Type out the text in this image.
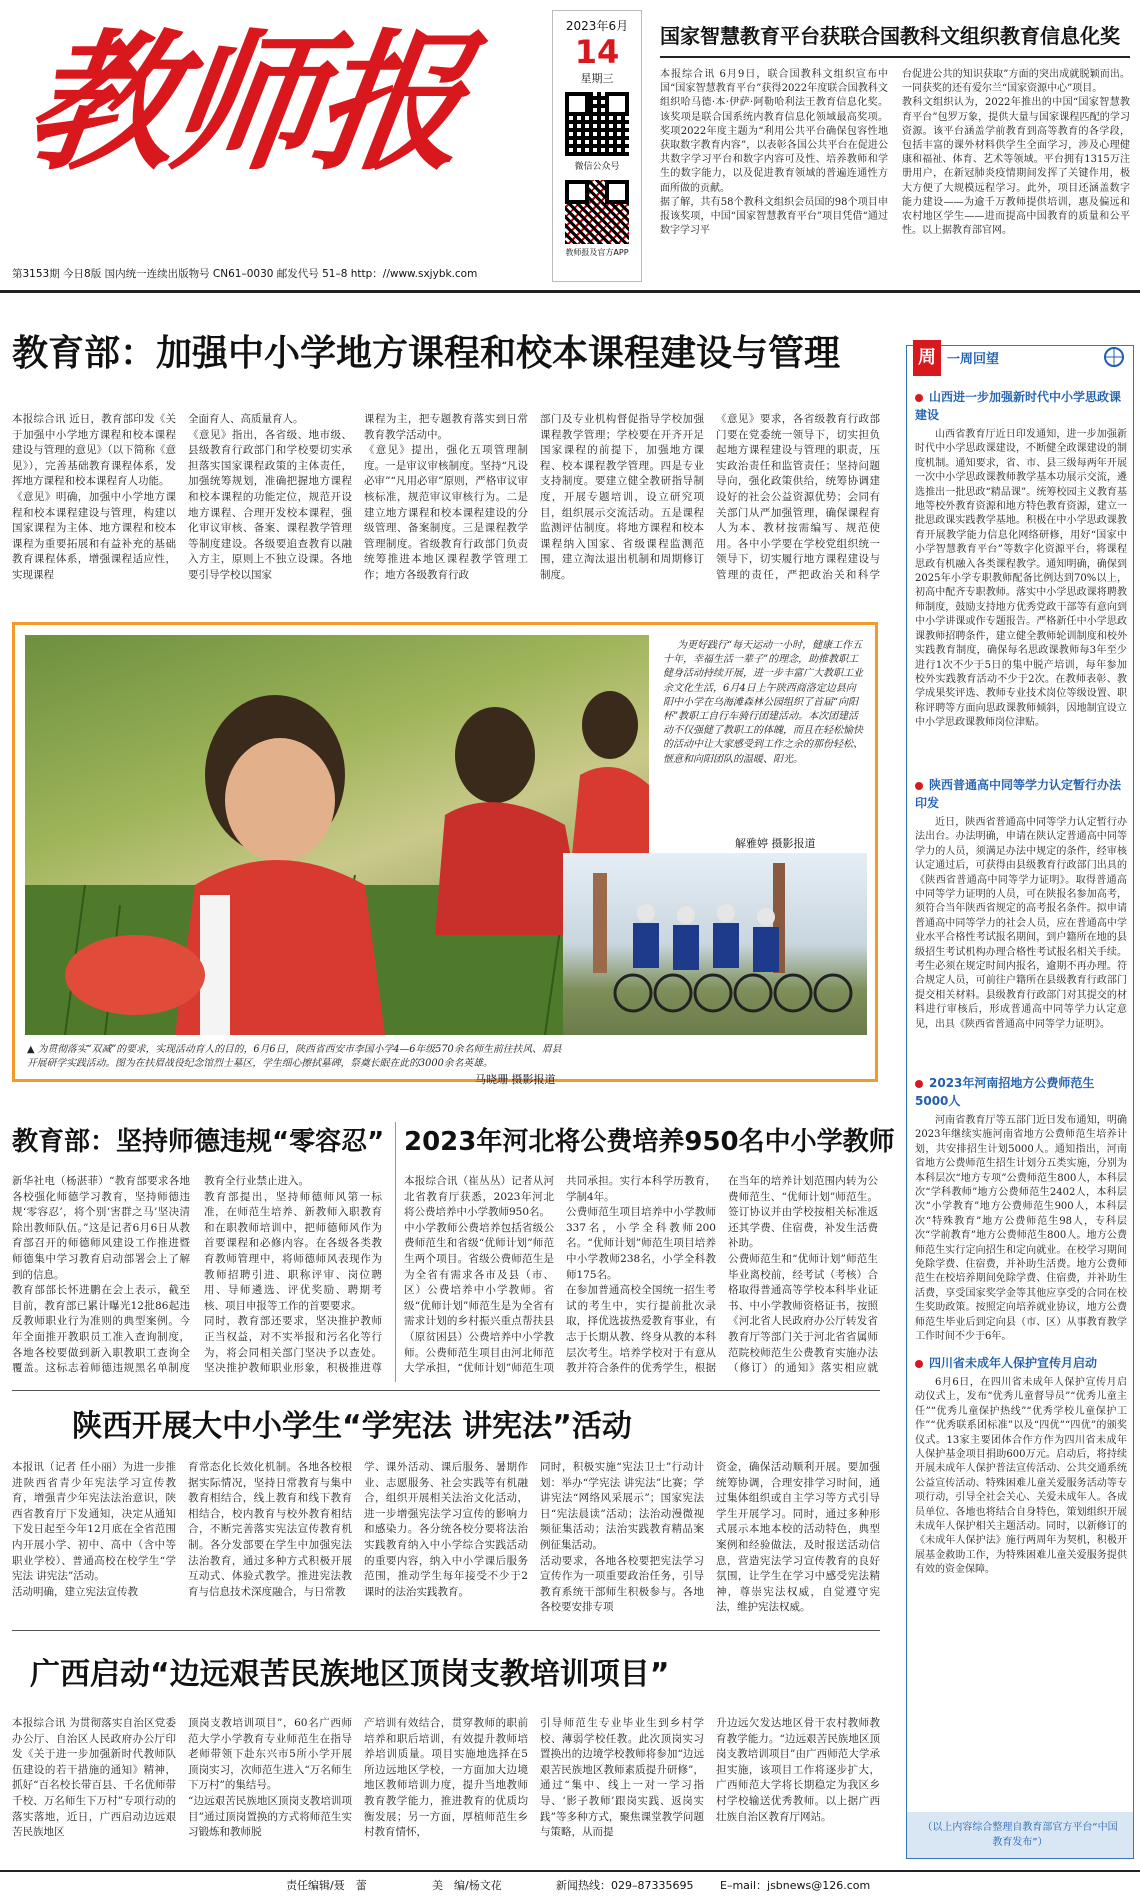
教师报	2023年6月
14
星期三
微信公众号
教师报及官方APP
第3153期 今日8版 国内统一连续出版物号 CN61–0030 邮发代号 51–8 http：//www.sxjybk.com
国家智慧教育平台获联合国教科文组织教育信息化奖
本报综合讯 6月9日，联合国教科文组织宣布中国“国家智慧教育平台”获得2022年度联合国教科文组织哈马德·本·伊萨·阿勒哈利法王教育信息化奖。该奖项是联合国系统内教育信息化领域最高奖项。奖项2022年度主题为“利用公共平台确保包容性地获取数字教育内容”，以表彰各国公共平台在促进公共数字学习平台和数字内容可及性、培养教师和学生的数字能力，以及促进教育领域的普遍连通性方面所做的贡献。
据了解，共有58个教科文组织会员国的98个项目申报该奖项，中国“国家智慧教育平台”项目凭借“通过数字学习平
台促进公共的知识获取”方面的突出成就脱颖而出。一同获奖的还有爱尔兰“国家资源中心”项目。
教科文组织认为，2022年推出的中国“国家智慧教育平台”包罗万象，提供大量与国家课程匹配的学习资源。该平台涵盖学前教育到高等教育的各学段，包括丰富的课外材料供学生全面学习，涉及心理健康和福祉、体育、艺术等领域。平台拥有1315万注册用户，在新冠肺炎疫情期间发挥了关键作用，极大方便了大规模远程学习。此外，项目还涵盖数字能力建设——为逾千万教师提供培训，惠及偏远和农村地区学生——进而提高中国教育的质量和公平性。以上据教育部官网。
教育部：加强中小学地方课程和校本课程建设与管理
本报综合讯 近日，教育部印发《关于加强中小学地方课程和校本课程建设与管理的意见》（以下简称《意见》），完善基础教育课程体系，发挥地方课程和校本课程育人功能。
《意见》明确，加强中小学地方课程和校本课程建设与管理，构建以国家课程为主体、地方课程和校本课程为重要拓展和有益补充的基础教育课程体系，增强课程适应性，实现课程
全面育人、高质量育人。
《意见》指出，各省级、地市级、县级教育行政部门和学校要切实承担落实国家课程政策的主体责任，加强统筹规划，准确把握地方课程和校本课程的功能定位，规范开设地方课程、合理开发校本课程，强化审议审核、备案、课程教学管理等制度建设。各级要追查教育以融入方主，原则上不独立设课。各地要引导学校以国家
课程为主，把专题教育落实到日常教育教学活动中。
《意见》提出，强化五项管理制度。一是审议审核制度。坚持“凡设必审”“凡用必审”原则，严格审议审核标准，规范审议审核行为。二是建立地方课程和校本课程建设的分级管理、备案制度。三是课程教学管理制度。省级教育行政部门负责统筹推进本地区课程教学管理工作；地方各级教育行政
部门及专业机构督促指导学校加强课程教学管理；学校要在开齐开足国家课程的前提下，加强地方课程、校本课程教学管理。四是专业支持制度。要建立健全教研指导制度，开展专题培训，设立研究项目，组织展示交流活动。五是课程监测评估制度。将地方课程和校本课程纳入国家、省级课程监测范围，建立淘汰退出机制和周期修订制度。
《意见》要求，各省级教育行政部门要在党委统一领导下，切实担负起地方课程建设与管理的职责，压实政治责任和监管责任；坚持问题导向，强化政策供给，统筹协调建设好的社会公益资源优势；会同有关部门从严加强管理，确保课程育人为本、教材按需编写、规范使用。各中小学要在学校党组织统一领导下，切实履行地方课程建设与管理的责任，严把政治关和科学
为更好践行“每天运动一小时，健康工作五十年，幸福生活一辈子”的理念，助推教职工健身活动持续开展，进一步丰富广大教职工业余文化生活，6月4日上午陕西商洛定边县向阳中小学在乌海滩森林公园组织了首届“向阳杯”教职工自行车骑行团建活动。本次团建活动不仅强健了教职工的体魄，而且在轻松愉快的活动中让大家感受到工作之余的那份轻松、惬意和向阳团队的温暖、阳光。
解雅婷 摄影报道
▲ 为贯彻落实“双减”的要求，实现活动育人的目的，6月6日，陕西省西安市李国小学4—6年级570余名师生前往扶风、眉县开展研学实践活动。图为在扶眉战役纪念馆烈士墓区，学生细心擦拭墓碑，祭奠长眠在此的3000余名英雄。
马晓珊 摄影报道
教育部：坚持师德违规“零容忍”
新华社电（杨湛菲）“教育部要求各地各校强化师德学习教育，坚持师德违规‘零容忍’，将个别‘害群之马’坚决清除出教师队伍。”这是记者6月6日从教育部召开的师德师风建设工作推进暨师德集中学习教育启动部署会上了解到的信息。
教育部部长怀进鹏在会上表示，截至目前，教育部已累计曝光12批86起违反教师职业行为准则的典型案例。今年全面推开教职员工准入查询制度，各地各校要做到新入职教职工查询全覆盖。这标志着师德违规黑名单制度
教育全行业禁止进入。
教育部提出，坚持师德师风第一标准，在师范生培养、新教师入职教育和在职教师培训中，把师德师风作为首要课程和必修内容。在各级各类教育教师管理中，将师德师风表现作为教师招聘引进、职称评审、岗位聘用、导师遴选、评优奖励、聘期考核、项目申报等工作的首要要求。
同时，教育部还要求，坚决推护教师正当权益，对不实举报和污名化等行为，将会同相关部门坚决予以查处。坚决推护教师职业形象，积极推进尊
2023年河北将公费培养950名中小学教师
本报综合讯（崔丛丛）记者从河北省教育厅获悉，2023年河北将公费培养中小学教师950名。
中小学教师公费培养包括省级公费师范生和省级“优师计划”师范生两个项目。省级公费师范生是为全省有需求各市及县（市、区）公费培养中小学教师。省级“优师计划”师范生是为全省有需求计划的乡村振兴重点帮扶县（原贫困县）公费培养中小学教师。公费师范生项目由河北师范大学承担，“优师计划”师范生项
共同承担。实行本科学历教育，学制4年。
公费师范生项目培养中小学教师337名，小学全科教师200名。“优师计划”师范生项目培养中小学教师238名，小学全科教师175名。
在参加普通高校全国统一招生考试的考生中，实行提前批次录取，择优选拔热爱教育事业，有志于长期从教、终身从教的本科层次考生。培养学校对于有意从教并符合条件的优秀学生，根据
在当年的培养计划范围内转为公费师范生、“优师计划”师范生。签订协议并由学校按相关标准返还其学费、住宿费，补发生活费补助。
公费师范生和“优师计划”师范生毕业离校前，经考试（考核）合格取得普通高等学校本科毕业证书、中小学教师资格证书，按照《河北省人民政府办公厅转发省教育厅等部门关于河北省省属师范院校师范生公费教育实施办法（修订）的通知》落实相应就
陕西开展大中小学生“学宪法 讲宪法”活动
本报讯（记者 任小丽）为进一步推进陕西省青少年宪法学习宣传教育，增强青少年宪法法治意识，陕西省教育厅下发通知，决定从通知下发日起至今年12月底在全省范围内开展小学、初中、高中（含中等职业学校）、普通高校在校学生“学宪法 讲宪法”活动。
活动明确，建立宪法宣传教
育常态化长效化机制。各地各校根据实际情况，坚持日常教育与集中教育相结合，线上教育和线下教育相结合，校内教育与校外教育相结合，不断完善落实宪法宣传教育机制。各分发部要在学生中加强宪法法治教育，通过多种方式积极开展互动式、体验式教学。推进宪法教育与信息技术深度融合，与日常教
学、课外活动、课后服务、暑期作业、志愿服务、社会实践等有机融合，组织开展相关法治文化活动，进一步增强宪法学习宣传的影响力和感染力。各分统各校分要将法治实践教育纳入中小学综合实践活动的重要内容，纳入中小学课后服务范围，推动学生每年接受不少于2课时的法治实践教育。
同时，积极实施“宪法卫士”行动计划：举办“学宪法 讲宪法”比赛；学讲宪法“网络风采展示”；国家宪法日“宪法晨读”活动；法治动漫微视频征集活动；法治实践教育精品案例征集活动。
活动要求，各地各校要把宪法学习宣传作为一项重要政治任务，引导教育系统干部师生积极参与。各地各校要安排专项
资金，确保活动顺利开展。要加强统筹协调，合理安排学习时间，通过集体组织或自主学习等方式引导学生开展学习。同时，通过多种形式展示本地本校的活动特色，典型案例和经验做法，及时报送活动信息，营造宪法学习宣传教育的良好氛围，让学生在学习中感受宪法精神，尊崇宪法权威，自觉遵守宪法，维护宪法权威。
广西启动“边远艰苦民族地区顶岗支教培训项目”
本报综合讯 为贯彻落实自治区党委办公厅、自治区人民政府办公厅印发《关于进一步加强新时代教师队伍建设的若干措施的通知》精神，抓好“百名校长带百县、千名优师带千校、万名师生下万村”专项行动的落实落地，近日，广西启动边远艰苦民族地区
顶岗支教培训项目”，60名广西师范大学小学教育专业师范生在指导老师带领下赴东兴市5所小学开展顶岗实习，次师范生进入“万名师生下万村”的集结号。
“边远艰苦民族地区顶岗支教培训项目”通过顶岗置换的方式将师范生实习锻炼和教师脱
产培训有效结合，贯穿教师的职前培养和职后培训，有效提升教师培养培训质量。项目实施地选择在5所边远地区学校，一方面加大边境地区教师培训力度，提升当地教师教育教学能力，推进教育的优质均衡发展；另一方面，厚植师范生乡村教育情怀，
引导师范生专业毕业生到乡村学校、薄弱学校任教。此次顶岗实习置换出的边境学校教师将参加“边远艰苦民族地区教师素质提升研修”，通过“集中、线上一对一学习指导、‘影子教师’跟岗实践、返岗实践”等多种方式，聚焦课堂教学问题与策略，从而提
升边远欠发达地区骨干农村教师教育教学能力。“边远艰苦民族地区顶岗支教培训项目”由广西师范大学承担实施，该项目工作将逐步扩大，广西师范大学将长期稳定为我区乡村学校输送优秀教师。以上据广西壮族自治区教育厅网站。
周 一周回望
山西进一步加强新时代中小学思政课建设
山西省教育厅近日印发通知，进一步加强新时代中小学思政课建设，不断健全政课建设的制度机制。通知要求，省、市、县三级每两年开展一次中小学思政课教师教学基本功展示交流，遴选推出一批思政“精品课”。统筹校园主义教育基地等校外教育资源和地方特色教育资源，建立一批思政课实践教学基地。积极在中小学思政课教育开展教学能力信息化网络研修，用好“国家中小学智慧教育平台”等数字化资源平台，将课程思政有机融入各类课程教学。通知明确，确保到2025年小学专职教师配备比例达到70%以上，初高中配齐专职教师。落实中小学思政课将聘教师制度，鼓励支持地方优秀党政干部等有意向到中小学讲课或作专题报告。严格新任中小学思政课教师招聘条件，建立健全教师轮训制度和校外实践教育制度，确保每名思政课教师每3年至少进行1次不少于5日的集中脱产培训，每年参加校外实践教育活动不少于2次。在教师表彰、教学成果奖评选、教师专业技术岗位等级设置、职称评聘等方面向思政课教师倾斜，因地制宜设立中小学思政课教师岗位津贴。
陕西普通高中同等学力认定暂行办法印发
近日，陕西省普通高中同等学力认定暂行办法出台。办法明确，申请在陕认定普通高中同等学力的人员，须满足办法中规定的条件，经审核认定通过后，可获得由县级教育行政部门出具的《陕西省普通高中同等学力证明》。取得普通高中同等学力证明的人员，可在陕报名参加高考，须符合当年陕西省规定的高考报名条件。拟申请普通高中同等学力的社会人员，应在普通高中学业水平合格性考试报名期间，到户籍所在地的县级招生考试机构办理合格性考试报名相关手续。考生必须在规定时间内报名，逾期不再办理。符合规定人员，可前往户籍所在县级教育行政部门提交相关材料。县级教育行政部门对其提交的材料进行审核后，形成普通高中同等学力认定意见，出具《陕西省普通高中同等学力证明》。
2023年河南招地方公费师范生5000人
河南省教育厅等五部门近日发布通知，明确2023年继续实施河南省地方公费师范生培养计划，共安排招生计划5000人。通知指出，河南省地方公费师范生招生计划分五类实施，分别为本科层次“地方专项”公费师范生800人，本科层次“学科教师”地方公费师范生2402人，本科层次“小学教育”地方公费师范生900人，本科层次“特殊教育”地方公费师范生98人，专科层次“学前教育”地方公费师范生800人。地方公费师范生实行定向招生和定向就业。在校学习期间免除学费、住宿费，并补助生活费。地方公费师范生在校培养期间免除学费、住宿费，并补助生活费，享受国家奖学金等其他应享受的合同在校生奖助政策。按照定向培养就业协议，地方公费师范生毕业后到定向县（市、区）从事教育教学工作时间不少于6年。
四川省未成年人保护宣传月启动
6月6日，在四川省未成年人保护宣传月启动仪式上，发布“优秀儿童督导员”“优秀儿童主任”“优秀儿童保护热线”“优秀学校儿童保护工作”“优秀联系团标准”以及“四优”“四优”的颁奖仪式。13家主要团体合作方作为四川省未成年人保护基金项目捐助600万元。启动后，将持续开展未成年人保护普法宣传活动、公共交通系统公益宣传活动、特殊困难儿童关爱服务活动等专项行动，引导全社会关心、关爱未成年人。各成员单位、各地也将结合自身特色，策划组织开展未成年人保护相关主题活动。同时，以新修订的《未成年人保护法》施行两周年为契机，积极开展基金救助工作，为特殊困难儿童关爱服务提供有效的资金保障。
（以上内容综合整理自教育部官方平台“中国教育发布”）
责任编辑/聂　蕾	美　编/杨文花	新闻热线：029–87335695 E–mail：jsbnews@126.com
